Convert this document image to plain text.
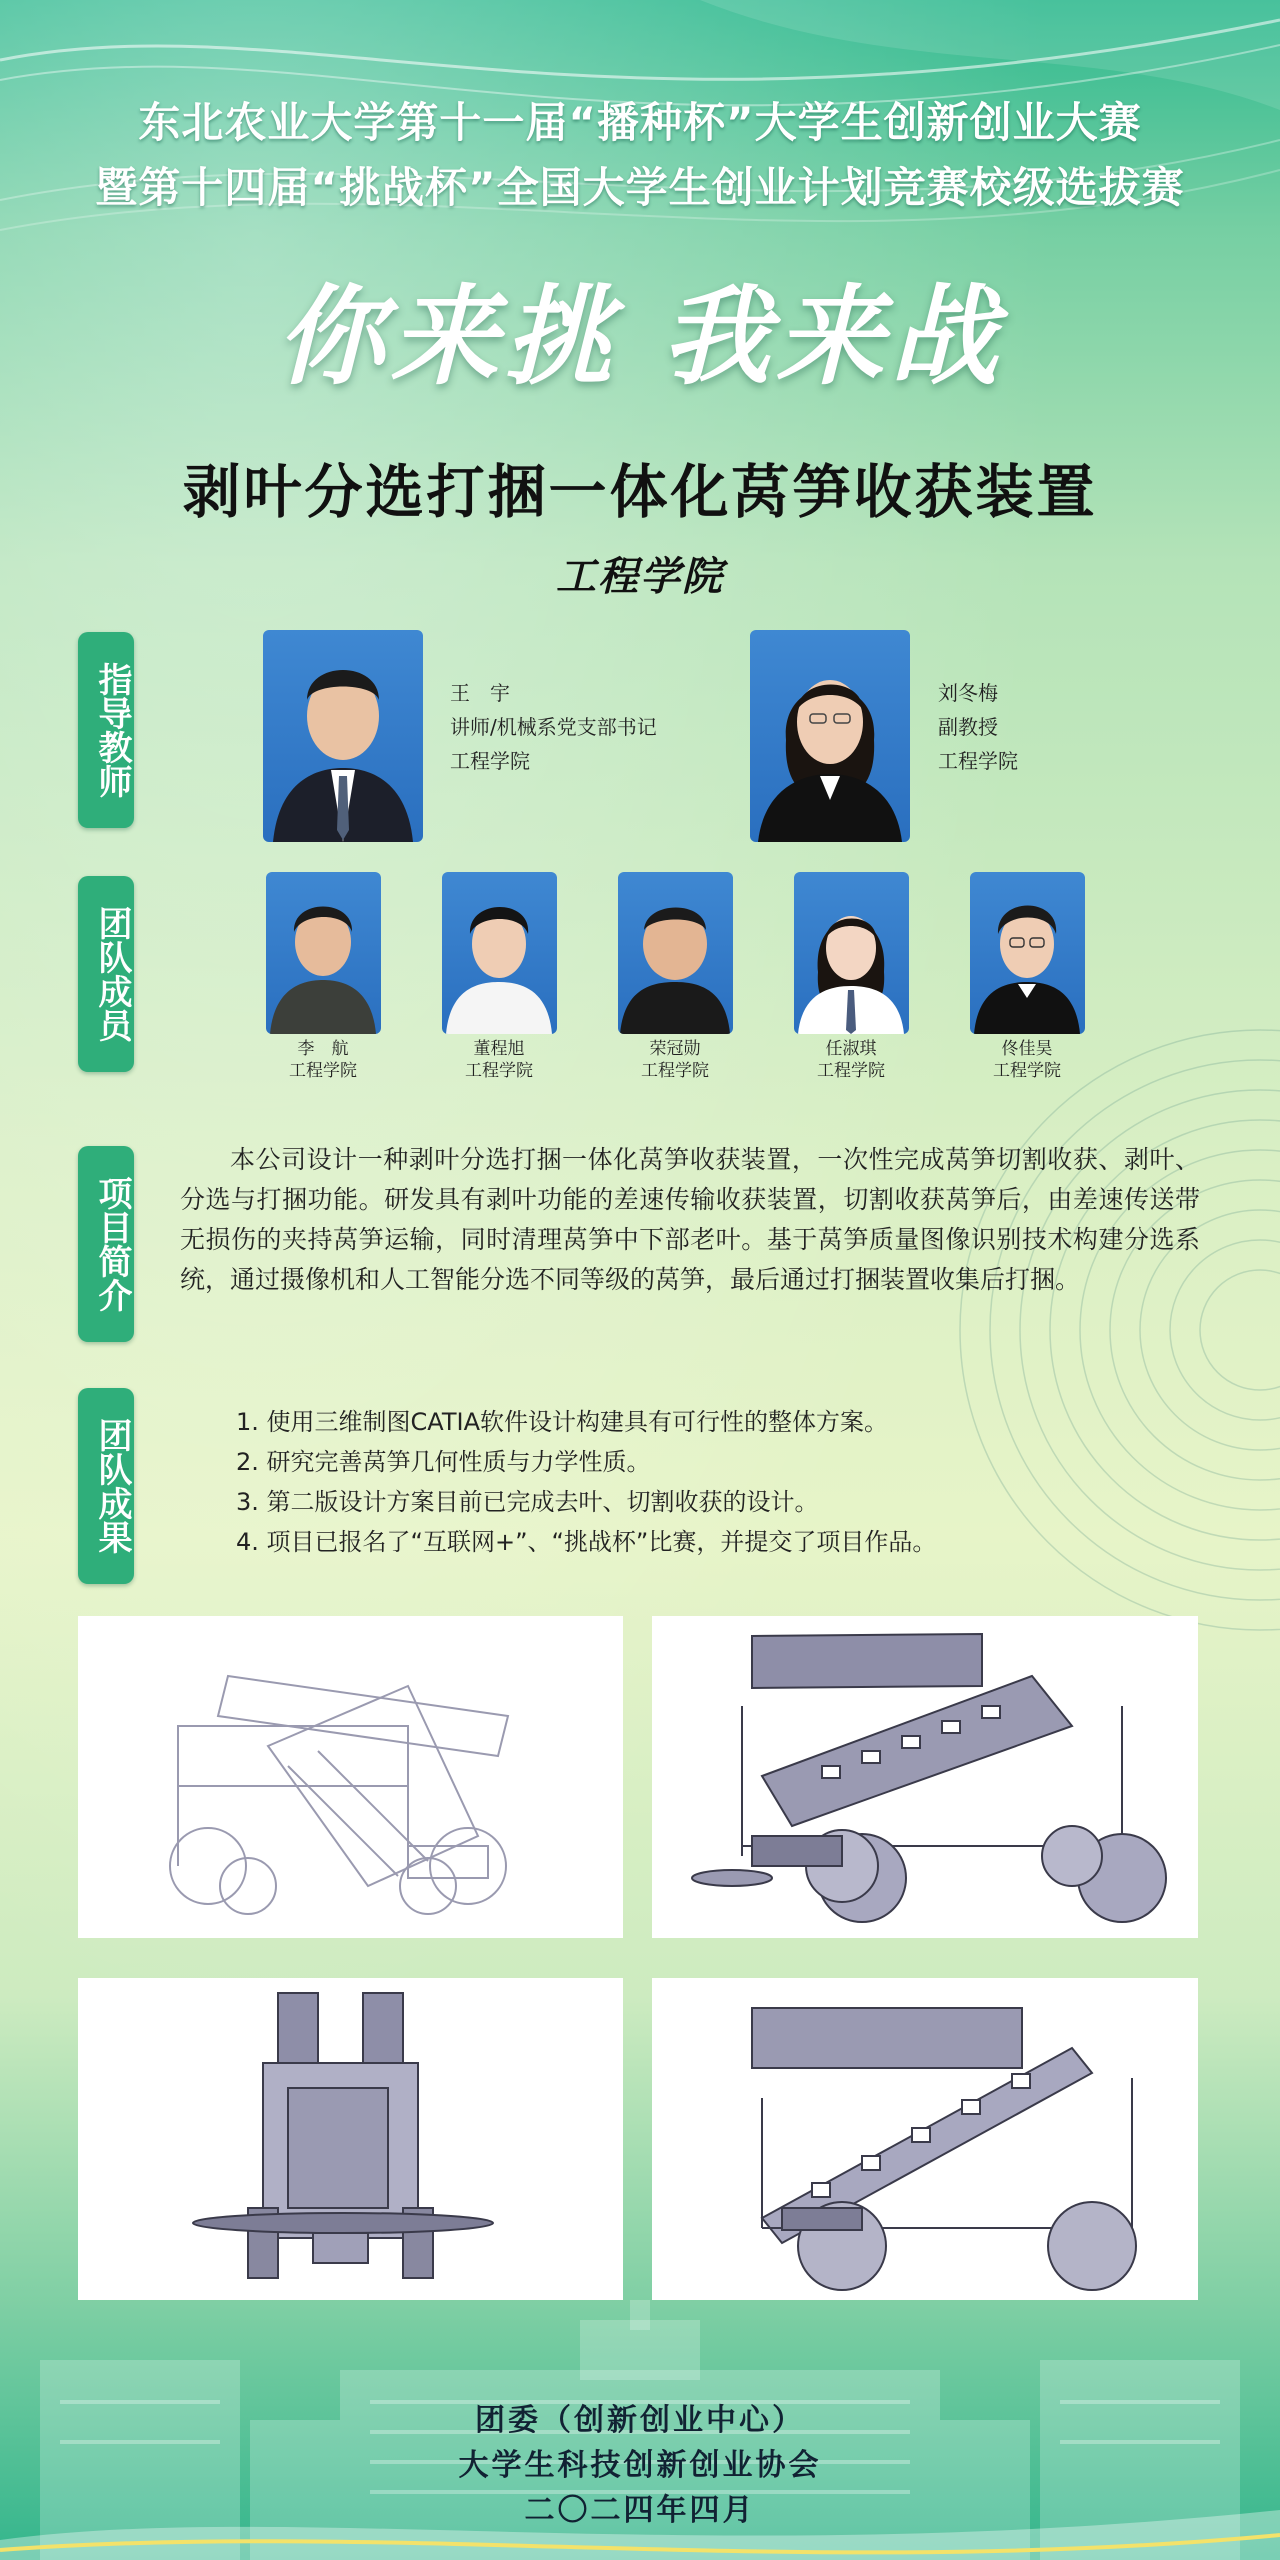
东北农业大学第十一届“播种杯”大学生创新创业大赛
暨第十四届“挑战杯”全国大学生创业计划竞赛校级选拔赛
你来挑 我来战
剥叶分选打捆一体化莴笋收获装置
工程学院
指导教师	王　宇
讲师/机械系党支部书记
工程学院
刘冬梅
副教授
工程学院
团队成员
李　航
工程学院
董程旭
工程学院
荣冠勋
工程学院
任淑琪
工程学院
佟佳昊
工程学院
项目简介
本公司设计一种剥叶分选打捆一体化莴笋收获装置，一次性完成莴笋切割收获、剥叶、分选与打捆功能。研发具有剥叶功能的差速传输收获装置，切割收获莴笋后，由差速传送带无损伤的夹持莴笋运输，同时清理莴笋中下部老叶。基于莴笋质量图像识别技术构建分选系统，通过摄像机和人工智能分选不同等级的莴笋，最后通过打捆装置收集后打捆。
团队成果	1. 使用三维制图CATIA软件设计构建具有可行性的整体方案。
2. 研究完善莴笋几何性质与力学性质。
3. 第二版设计方案目前已完成去叶、切割收获的设计。
4. 项目已报名了“互联网+”、“挑战杯”比赛，并提交了项目作品。
团委（创新创业中心）
大学生科技创新创业协会
二〇二四年四月
